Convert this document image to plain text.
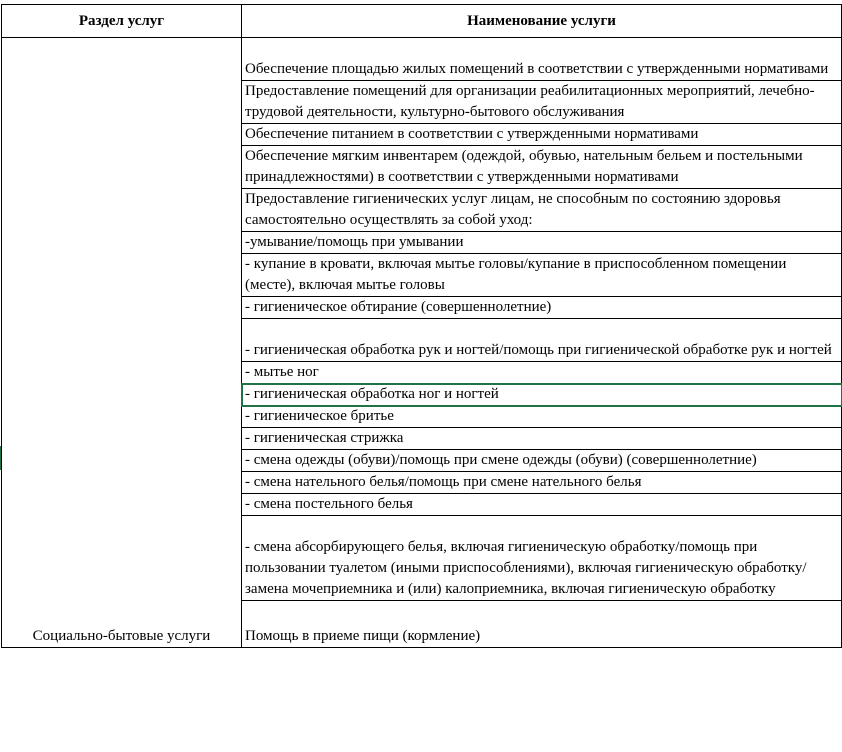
Раздел услуг	Наименование услуги
Социально-бытовые услуги	Обеспечение площадью жилых помещений в соответствии с утвержденными нормативами
	Предоставление помещений для организации реабилитационных мероприятий, лечебно-трудовой деятельности, культурно-бытового обслуживания
	Обеспечение питанием в соответствии с утвержденными нормативами
	Обеспечение мягким инвентарем (одеждой, обувью, нательным бельем и постельными принадлежностями) в соответствии с утвержденными нормативами
	Предоставление гигиенических услуг лицам, не способным по состоянию здоровья самостоятельно осуществлять за собой уход:
	-умывание/помощь при умывании
	- купание в кровати, включая мытье головы/купание в приспособленном помещении (месте), включая мытье головы
	- гигиеническое обтирание (совершеннолетние)
	- гигиеническая обработка рук и ногтей/помощь при гигиенической обработке рук и ногтей
	- мытье ног
	- гигиеническая обработка ног и ногтей
	- гигиеническое бритье
	- гигиеническая стрижка
	- смена одежды (обуви)/помощь при смене одежды (обуви) (совершеннолетние)
	- смена нательного белья/помощь при смене нательного белья
	- смена постельного белья
	- смена абсорбирующего белья, включая гигиеническую обработку/помощь при пользовании туалетом (иными приспособлениями), включая гигиеническую обработку/замена мочеприемника и (или) калоприемника, включая гигиеническую обработку
	Помощь в приеме пищи (кормление)
